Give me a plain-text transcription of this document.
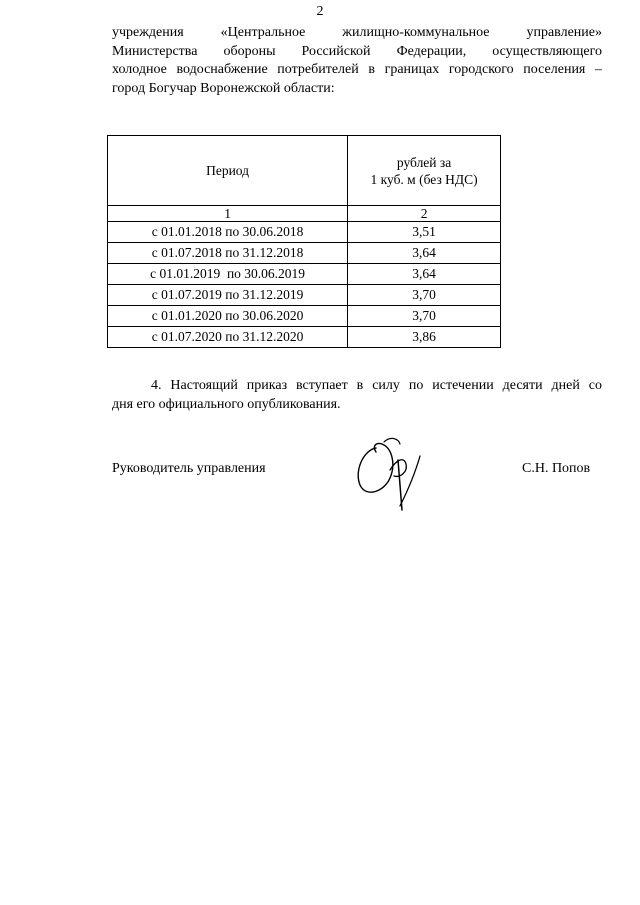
2
учреждения «Центральное жилищно-коммунальное управление»
Министерства обороны Российской Федерации, осуществляющего
холодное водоснабжение потребителей в границах городского поселения –
город Богучар Воронежской области:
Период	рублей за
1 куб. м (без НДС)

1	2
с 01.01.2018 по 30.06.2018	3,51
с 01.07.2018 по 31.12.2018	3,64
с 01.01.2019  по 30.06.2019	3,64
с 01.07.2019 по 31.12.2019	3,70
с 01.01.2020 по 30.06.2020	3,70
с 01.07.2020 по 31.12.2020	3,86
4. Настоящий приказ вступает в силу по истечении десяти дней со
дня его официального опубликования.
Руководитель управления	С.Н. Попов
